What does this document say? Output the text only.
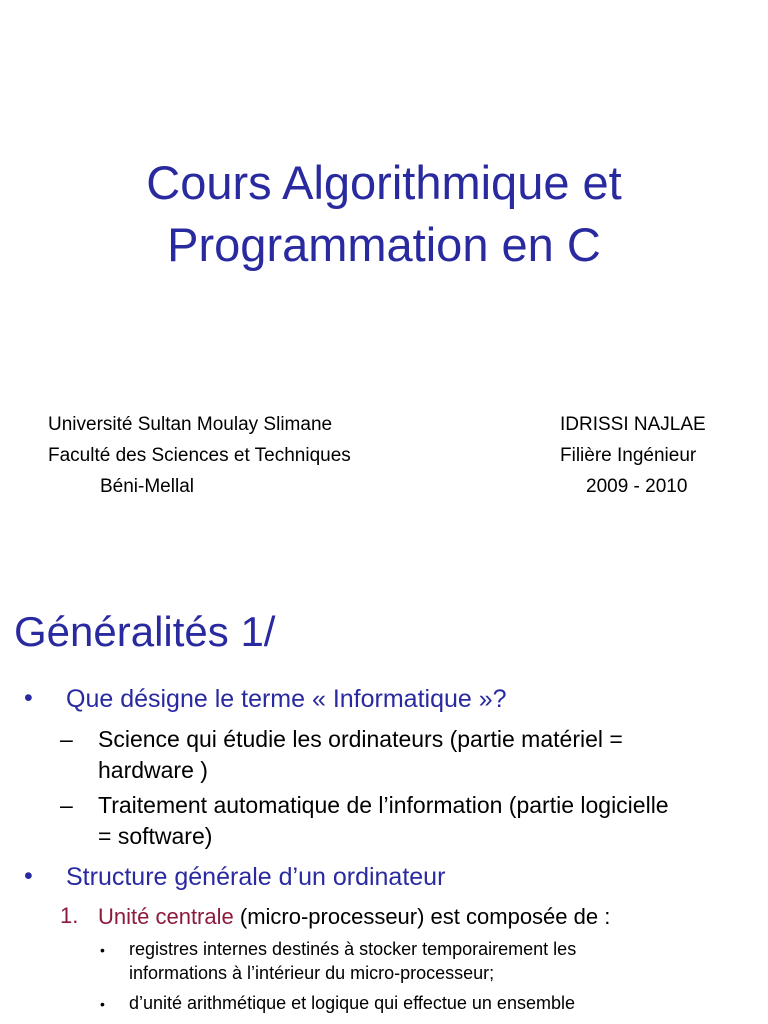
Cours Algorithmique et
Programmation en C
Université Sultan Moulay Slimane
Faculté des Sciences et Techniques
Béni-Mellal
IDRISSI NAJLAE
Filière Ingénieur
2009 - 2010
Généralités 1/
• Que désigne le terme « Informatique »?
– Science qui étudie les ordinateurs (partie matériel =
hardware )
– Traitement automatique de l’information (partie logicielle
= software)
• Structure générale d’un ordinateur
1. Unité centrale (micro-processeur) est composée de :
• registres internes destinés à stocker temporairement les
informations à l’intérieur du micro-processeur;
• d’unité arithmétique et logique qui effectue un ensemble
